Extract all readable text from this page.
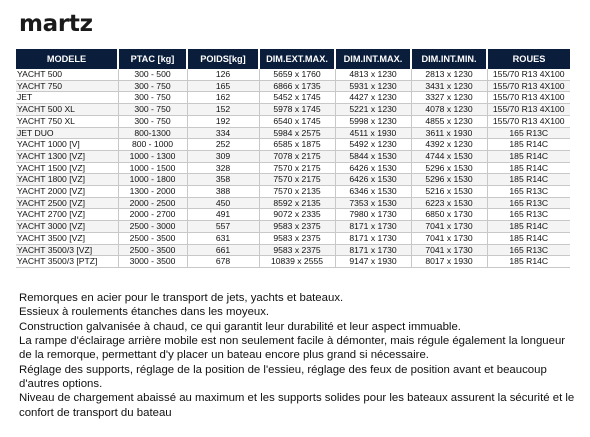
martz
MODELE	PTAC [kg]	POIDS[kg]	DIM.EXT.MAX.	DIM.INT.MAX.	DIM.INT.MIN.	ROUES
YACHT 500	300 - 500	126	5659 x 1760	4813 x 1230	2813 x 1230	155/70 R13 4X100
YACHT 750	300 - 750	165	6866 x 1735	5931 x 1230	3431 x 1230	155/70 R13 4X100
JET	300 - 750	162	5452 x 1745	4427 x 1230	3327 x 1230	155/70 R13 4X100
YACHT 500 XL	300 - 750	152	5978 x 1745	5221 x 1230	4078 x 1230	155/70 R13 4X100
YACHT 750 XL	300 - 750	192	6540 x 1745	5998 x 1230	4855 x 1230	155/70 R13 4X100
JET DUO	800-1300	334	5984 x 2575	4511 x 1930	3611 x 1930	165 R13C
YACHT 1000 [V]	800 - 1000	252	6585 x 1875	5492 x 1230	4392 x 1230	185 R14C
YACHT 1300 [VZ]	1000 - 1300	309	7078 x 2175	5844 x 1530	4744 x 1530	185 R14C
YACHT 1500 [VZ]	1000 - 1500	328	7570 x 2175	6426 x 1530	5296 x 1530	185 R14C
YACHT 1800 [VZ]	1000 - 1800	358	7570 x 2175	6426 x 1530	5296 x 1530	185 R14C
YACHT 2000 [VZ]	1300 - 2000	388	7570 x 2135	6346 x 1530	5216 x 1530	165 R13C
YACHT 2500 [VZ]	2000 - 2500	450	8592 x 2135	7353 x 1530	6223 x 1530	165 R13C
YACHT 2700 [VZ]	2000 - 2700	491	9072 x 2335	7980 x 1730	6850 x 1730	165 R13C
YACHT 3000 [VZ]	2500 - 3000	557	9583 x 2375	8171 x 1730	7041 x 1730	185 R14C
YACHT 3500 [VZ]	2500 - 3500	631	9583 x 2375	8171 x 1730	7041 x 1730	185 R14C
YACHT 3500/3 [VZ]	2500 - 3500	661	9583 x 2375	8171 x 1730	7041 x 1730	165 R13C
YACHT 3500/3 [PTZ]	3000 - 3500	678	10839 x 2555	9147 x 1930	8017 x 1930	185 R14C

Remorques en acier pour le transport de jets, yachts et bateaux.

Essieux à roulements étanches dans les moyeux.

Construction galvanisée à chaud, ce qui garantit leur durabilité et leur aspect immuable.

La rampe d'éclairage arrière mobile est non seulement facile à démonter, mais régule également la longueur de la remorque, permettant d'y placer un bateau encore plus grand si nécessaire.

Réglage des supports, réglage de la position de l'essieu, réglage des feux de position avant et beaucoup d'autres options.

Niveau de chargement abaissé au maximum et les supports solides pour les bateaux assurent la sécurité et le confort de transport du bateau
